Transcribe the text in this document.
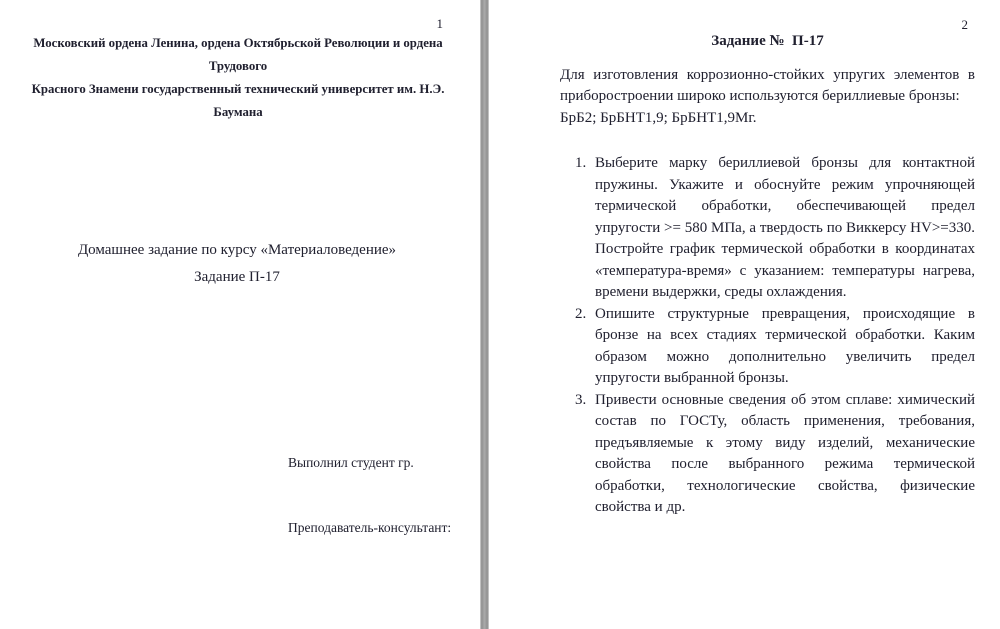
1
Московский ордена Ленина, ордена Октябрьской Революции и ордена Трудового
Красного Знамени государственный технический университет им. Н.Э. Баумана
Домашнее задание по курсу «Материаловедение»
Задание П-17
Выполнил студент гр.
Преподаватель-консультант:
2
Задание №  П-17

Для изготовления коррозионно-стойких упругих элементов в приборостроении широко используются бериллиевые бронзы:

БрБ2; БрБНТ1,9; БрБНТ1,9Мг.

1. Выберите марку бериллиевой бронзы для контактной пружины. Укажите и обоснуйте режим упрочняющей термической обработки, обеспечивающей предел упругости >= 580 МПа, а твердость по Виккерсу HV>=330. Постройте график термической обработки в координатах «температура-время» с указанием: температуры нагрева, времени выдержки, среды охлаждения.
2. Опишите структурные превращения, происходящие в бронзе на всех стадиях термической обработки. Каким образом можно дополнительно увеличить предел упругости выбранной бронзы.
3. Привести основные сведения об этом сплаве: химический состав по ГОСТу, область применения, требования, предъявляемые к этому виду изделий, механические свойства после выбранного режима термической обработки, технологические свойства, физические свойства и др.
